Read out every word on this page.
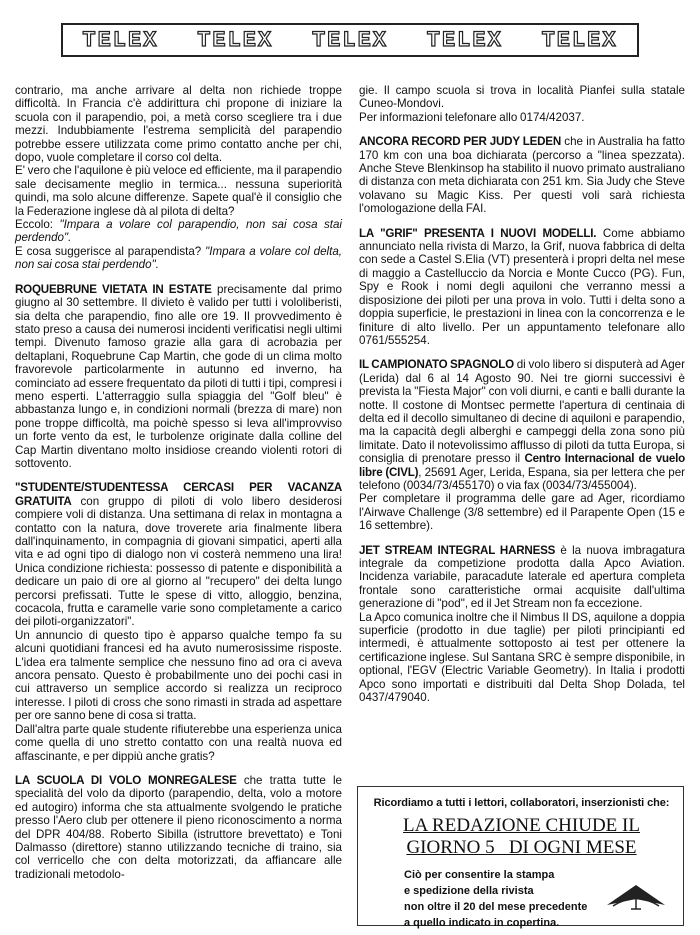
TELEX TELEX TELEX TELEX TELEX

contrario, ma anche arrivare al delta non richiede troppe difficoltà. In Francia c'è addirittura chi propone di iniziare la scuola con il parapendio, poi, a metà corso scegliere tra i due mezzi. Indubbiamente l'estrema semplicità del parapendio potrebbe essere utilizzata come primo contatto anche per chi, dopo, vuole completare il corso col delta.

E' vero che l'aquilone è più veloce ed efficiente, ma il parapendio sale decisamente meglio in termica... nessuna superiorità quindi, ma solo alcune differenze. Sapete qual'è il consiglio che la Federazione inglese dà al pilota di delta?

Eccolo: "Impara a volare col parapendio, non sai cosa stai perdendo".

E cosa suggerisce al parapendista? "Impara a volare col delta, non sai cosa stai perdendo".

ROQUEBRUNE VIETATA IN ESTATE precisamente dal primo giugno al 30 settembre. Il divieto è valido per tutti i vololiberisti, sia delta che parapendio, fino alle ore 19. Il provvedimento è stato preso a causa dei numerosi incidenti verificatisi negli ultimi tempi. Divenuto famoso grazie alla gara di acrobazia per deltaplani, Roquebrune Cap Martin, che gode di un clima molto fravorevole particolarmente in autunno ed inverno, ha cominciato ad essere frequentato da piloti di tutti i tipi, compresi i meno esperti. L'atterraggio sulla spiaggia del "Golf bleu" è abbastanza lungo e, in condizioni normali (brezza di mare) non pone troppe difficoltà, ma poichè spesso si leva all'improvviso un forte vento da est, le turbolenze originate dalla colline del Cap Martin diventano molto insidiose creando violenti rotori di sottovento.

"STUDENTE/STUDENTESSA CERCASI PER VACANZA GRATUITA con gruppo di piloti di volo libero desiderosi compiere voli di distanza. Una settimana di relax in montagna a contatto con la natura, dove troverete aria finalmente libera dall'inquinamento, in compagnia di giovani simpatici, aperti alla vita e ad ogni tipo di dialogo non vi costerà nemmeno una lira! Unica condizione richiesta: possesso di patente e disponibilità a dedicare un paio di ore al giorno al "recupero" dei delta lungo percorsi prefissati. Tutte le spese di vitto, alloggio, benzina, cocacola, frutta e caramelle varie sono completamente a carico dei piloti-organizzatori".

Un annuncio di questo tipo è apparso qualche tempo fa su alcuni quotidiani francesi ed ha avuto numerosissime risposte. L'idea era talmente semplice che nessuno fino ad ora ci aveva ancora pensato. Questo è probabilmente uno dei pochi casi in cui attraverso un semplice accordo si realizza un reciproco interesse. I piloti di cross che sono rimasti in strada ad aspettare per ore sanno bene di cosa si tratta.

Dall'altra parte quale studente rifiuterebbe una esperienza unica come quella di uno stretto contatto con una realtà nuova ed affascinante, e per dippiù anche gratis?

LA SCUOLA DI VOLO MONREGALESE che tratta tutte le specialità del volo da diporto (parapendio, delta, volo a motore ed autogiro) informa che sta attualmente svolgendo le pratiche presso l'Aero club per ottenere il pieno riconoscimento a norma del DPR 404/88. Roberto Sibilla (istruttore brevettato) e Toni Dalmasso (direttore) stanno utilizzando tecniche di traino, sia col verricello che con delta motorizzati, da affiancare alle tradizionali metodolo-

gie. Il campo scuola si trova in località Pianfei sulla statale Cuneo-Mondovi.

Per informazioni telefonare allo 0174/42037.

ANCORA RECORD PER JUDY LEDEN che in Australia ha fatto 170 km con una boa dichiarata (percorso a "linea spezzata). Anche Steve Blenkinsop ha stabilito il nuovo primato australiano di distanza con meta dichiarata con 251 km. Sia Judy che Steve volavano su Magic Kiss. Per questi voli sarà richiesta l'omologazione della FAI.

LA "GRIF" PRESENTA I NUOVI MODELLI. Come abbiamo annunciato nella rivista di Marzo, la Grif, nuova fabbrica di delta con sede a Castel S.Elia (VT) presenterà i propri delta nel mese di maggio a Castelluccio da Norcia e Monte Cucco (PG). Fun, Spy e Rook i nomi degli aquiloni che verranno messi a disposizione dei piloti per una prova in volo. Tutti i delta sono a doppia superficie, le prestazioni in linea con la concorrenza e le finiture di alto livello. Per un appuntamento telefonare allo 0761/555254.

IL CAMPIONATO SPAGNOLO di volo libero si disputerà ad Ager (Lerida) dal 6 al 14 Agosto 90. Nei tre giorni successivi è prevista la "Fiesta Major" con voli diurni, e canti e balli durante la notte. Il costone di Montsec permette l'apertura di centinaia di delta ed il decollo simultaneo di decine di aquiloni e parapendio, ma la capacità degli alberghi e campeggi della zona sono più limitate. Dato il notevolissimo afflusso di piloti da tutta Europa, si consiglia di prenotare presso il Centro Internacional de vuelo libre (CIVL), 25691 Ager, Lerida, Espana, sia per lettera che per telefono (0034/73/455170) o via fax (0034/73/455004).

Per completare il programma delle gare ad Ager, ricordiamo l'Airwave Challenge (3/8 settembre) ed il Parapente Open (15 e 16 settembre).

JET STREAM INTEGRAL HARNESS è la nuova imbragatura integrale da competizione prodotta dalla Apco Aviation. Incidenza variabile, paracadute laterale ed apertura completa frontale sono caratteristiche ormai acquisite dall'ultima generazione di "pod", ed il Jet Stream non fa eccezione.

La Apco comunica inoltre che il Nimbus II DS, aquilone a doppia superficie (prodotto in due taglie) per piloti principianti ed intermedi, è attualmente sottoposto ai test per ottenere la certificazione inglese. Sul Santana SRC è sempre disponibile, in optional, l'EGV (Electric Variable Geometry). In Italia i prodotti Apco sono importati e distribuiti dal Delta Shop Dolada, tel 0437/479040.

Ricordiamo a tutti i lettori, collaboratori, inserzionisti che:
LA REDAZIONE CHIUDE IL
GIORNO 5   DI OGNI MESE
Ciò per consentire la stampa
e spedizione della rivista
non oltre il 20 del mese precedente
a quello indicato in copertina.
